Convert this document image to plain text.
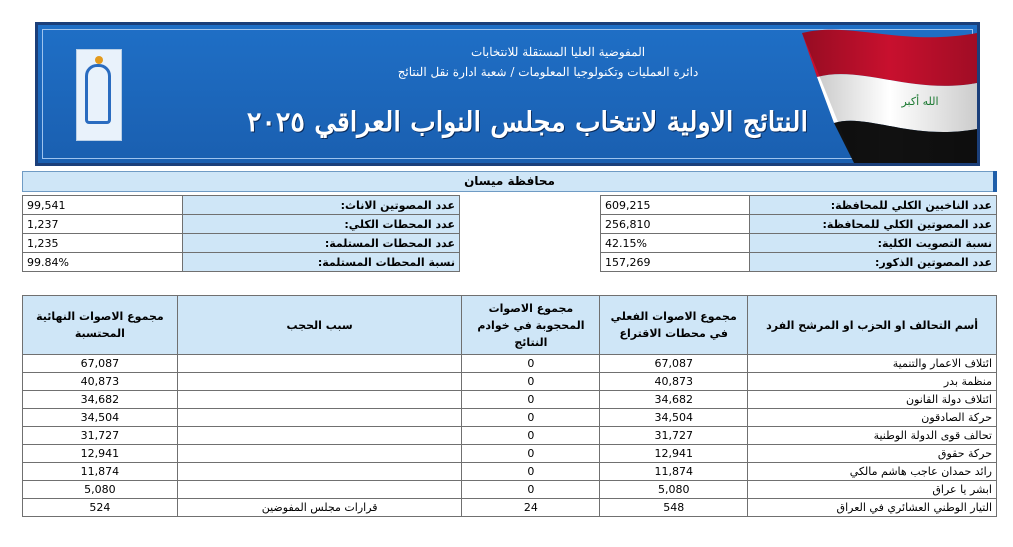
المفوضية العليا المستقلة للانتخابات
دائرة العمليات وتكنولوجيا المعلومات / شعبة ادارة نقل النتائج
النتائج الاولية لانتخاب مجلس النواب العراقي ٢٠٢٥
الله أكبر
محافظة ميسان
609,215	عدد الناخبين الكلي للمحافظة:
256,810	عدد المصوتين الكلي للمحافظة:
42.15%	نسبة التصويت الكلية:
157,269	عدد المصوتين الذكور:
99,541	عدد المصوتين الاناث:
1,237	عدد المحطات الكلي:
1,235	عدد المحطات المستلمة:
99.84%	نسبة المحطات المستلمة:
مجموع الاصوات النهائية المحتسبة	سبب الحجب	مجموع الاصوات المحجوبة في خوادم النتائج	مجموع الاصوات الفعلي في محطات الاقتراع	أسم التحالف او الحزب او المرشح الفرد
67,087		0	67,087	ائتلاف الاعمار والتنمية
40,873		0	40,873	منظمة بدر
34,682		0	34,682	ائتلاف دولة القانون
34,504		0	34,504	حركة الصادقون
31,727		0	31,727	تحالف قوى الدولة الوطنية
12,941		0	12,941	حركة حقوق
11,874		0	11,874	رائد حمدان عاجب هاشم مالكي
5,080		0	5,080	ابشر يا عراق
524	قرارات مجلس المفوضين	24	548	التيار الوطني العشائري في العراق
